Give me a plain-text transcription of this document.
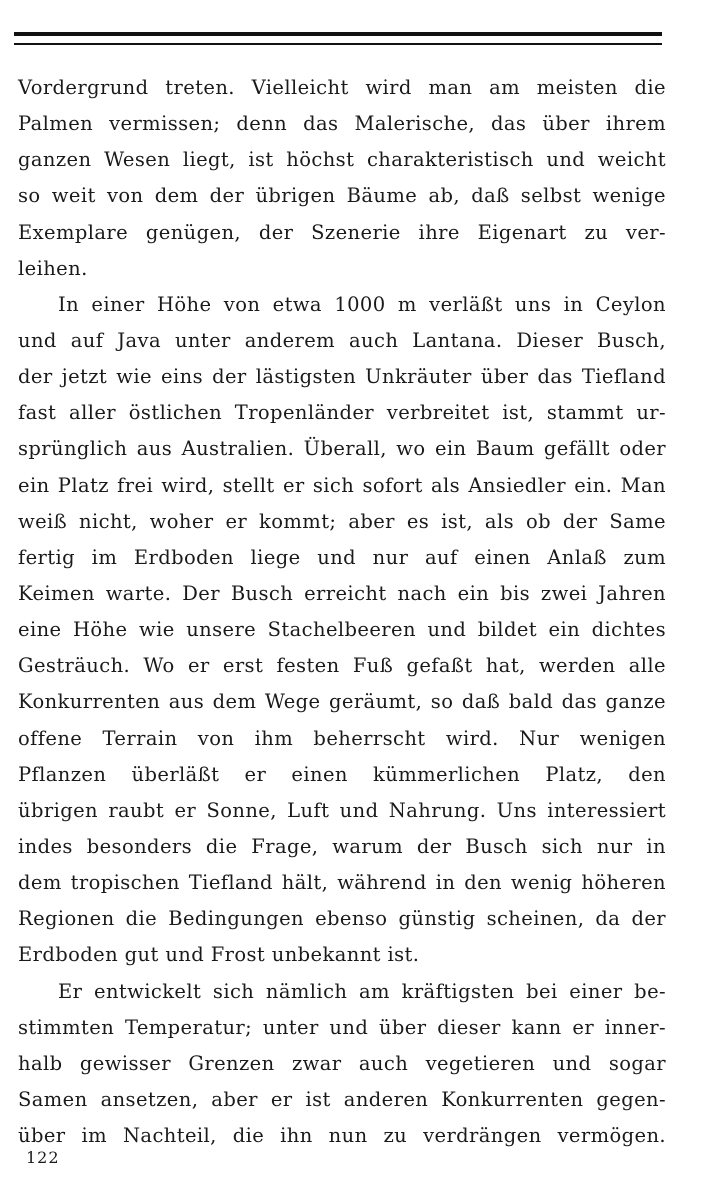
Vordergrund treten. Vielleicht wird man am meisten die
Palmen vermissen; denn das Malerische, das über ihrem
ganzen Wesen liegt, ist höchst charakteristisch und weicht
so weit von dem der übrigen Bäume ab, daß selbst wenige
Exemplare genügen, der Szenerie ihre Eigenart zu ver-
leihen.
In einer Höhe von etwa 1000 m verläßt uns in Ceylon
und auf Java unter anderem auch Lantana. Dieser Busch,
der jetzt wie eins der lästigsten Unkräuter über das Tiefland
fast aller östlichen Tropenländer verbreitet ist, stammt ur-
sprünglich aus Australien. Überall, wo ein Baum gefällt oder
ein Platz frei wird, stellt er sich sofort als Ansiedler ein. Man
weiß nicht, woher er kommt; aber es ist, als ob der Same
fertig im Erdboden liege und nur auf einen Anlaß zum
Keimen warte. Der Busch erreicht nach ein bis zwei Jahren
eine Höhe wie unsere Stachelbeeren und bildet ein dichtes
Gesträuch. Wo er erst festen Fuß gefaßt hat, werden alle
Konkurrenten aus dem Wege geräumt, so daß bald das ganze
offene Terrain von ihm beherrscht wird. Nur wenigen
Pflanzen überläßt er einen kümmerlichen Platz, den
übrigen raubt er Sonne, Luft und Nahrung. Uns interessiert
indes besonders die Frage, warum der Busch sich nur in
dem tropischen Tiefland hält, während in den wenig höheren
Regionen die Bedingungen ebenso günstig scheinen, da der
Erdboden gut und Frost unbekannt ist.
Er entwickelt sich nämlich am kräftigsten bei einer be-
stimmten Temperatur; unter und über dieser kann er inner-
halb gewisser Grenzen zwar auch vegetieren und sogar
Samen ansetzen, aber er ist anderen Konkurrenten gegen-
über im Nachteil, die ihn nun zu verdrängen vermögen.
122
